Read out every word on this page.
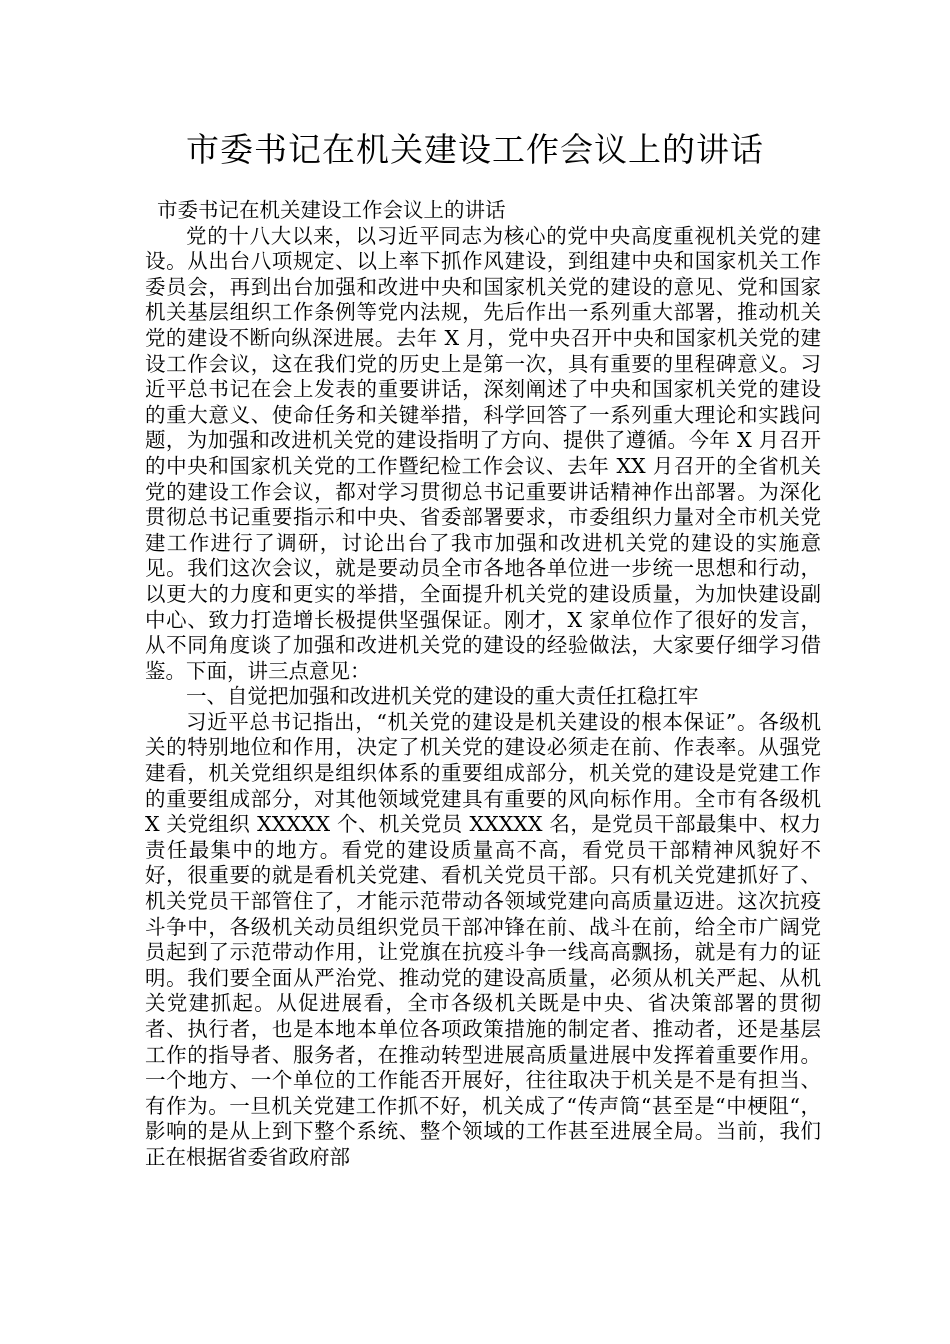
市委书记在机关建设工作会议上的讲话

市委书记在机关建设工作会议上的讲话

党的十八大以来，以习近平同志为核心的党中央高度重视机关党的建设。从出台八项规定、以上率下抓作风建设，到组建中央和国家机关工作委员会，再到出台加强和改进中央和国家机关党的建设的意见、党和国家机关基层组织工作条例等党内法规，先后作出一系列重大部署，推动机关党的建设不断向纵深进展。去年 X 月，党中央召开中央和国家机关党的建设工作会议，这在我们党的历史上是第一次，具有重要的里程碑意义。习近平总书记在会上发表的重要讲话，深刻阐述了中央和国家机关党的建设的重大意义、使命任务和关键举措，科学回答了一系列重大理论和实践问题，为加强和改进机关党的建设指明了方向、提供了遵循。今年 X 月召开的中央和国家机关党的工作暨纪检工作会议、去年 XX 月召开的全省机关党的建设工作会议，都对学习贯彻总书记重要讲话精神作出部署。为深化贯彻总书记重要指示和中央、省委部署要求，市委组织力量对全市机关党建工作进行了调研，讨论出台了我市加强和改进机关党的建设的实施意见。我们这次会议，就是要动员全市各地各单位进一步统一思想和行动，以更大的力度和更实的举措，全面提升机关党的建设质量，为加快建设副中心、致力打造增长极提供坚强保证。刚才，X 家单位作了很好的发言，从不同角度谈了加强和改进机关党的建设的经验做法，大家要仔细学习借鉴。下面，讲三点意见：

一、自觉把加强和改进机关党的建设的重大责任扛稳扛牢

习近平总书记指出，“机关党的建设是机关建设的根本保证”。各级机关的特别地位和作用，决定了机关党的建设必须走在前、作表率。从强党建看，机关党组织是组织体系的重要组成部分，机关党的建设是党建工作的重要组成部分，对其他领域党建具有重要的风向标作用。全市有各级机 X 关党组织 XXXXX 个、机关党员 XXXXX 名，是党员干部最集中、权力责任最集中的地方。看党的建设质量高不高，看党员干部精神风貌好不好，很重要的就是看机关党建、看机关党员干部。只有机关党建抓好了、机关党员干部管住了，才能示范带动各领域党建向高质量迈进。这次抗疫斗争中，各级机关动员组织党员干部冲锋在前、战斗在前，给全市广阔党员起到了示范带动作用，让党旗在抗疫斗争一线高高飘扬，就是有力的证明。我们要全面从严治党、推动党的建设高质量，必须从机关严起、从机关党建抓起。从促进展看，全市各级机关既是中央、省决策部署的贯彻者、执行者，也是本地本单位各项政策措施的制定者、推动者，还是基层工作的指导者、服务者，在推动转型进展高质量进展中发挥着重要作用。一个地方、一个单位的工作能否开展好，往往取决于机关是不是有担当、有作为。一旦机关党建工作抓不好，机关成了“传声筒“甚至是“中梗阻“，影响的是从上到下整个系统、整个领域的工作甚至进展全局。当前，我们正在根据省委省政府部
